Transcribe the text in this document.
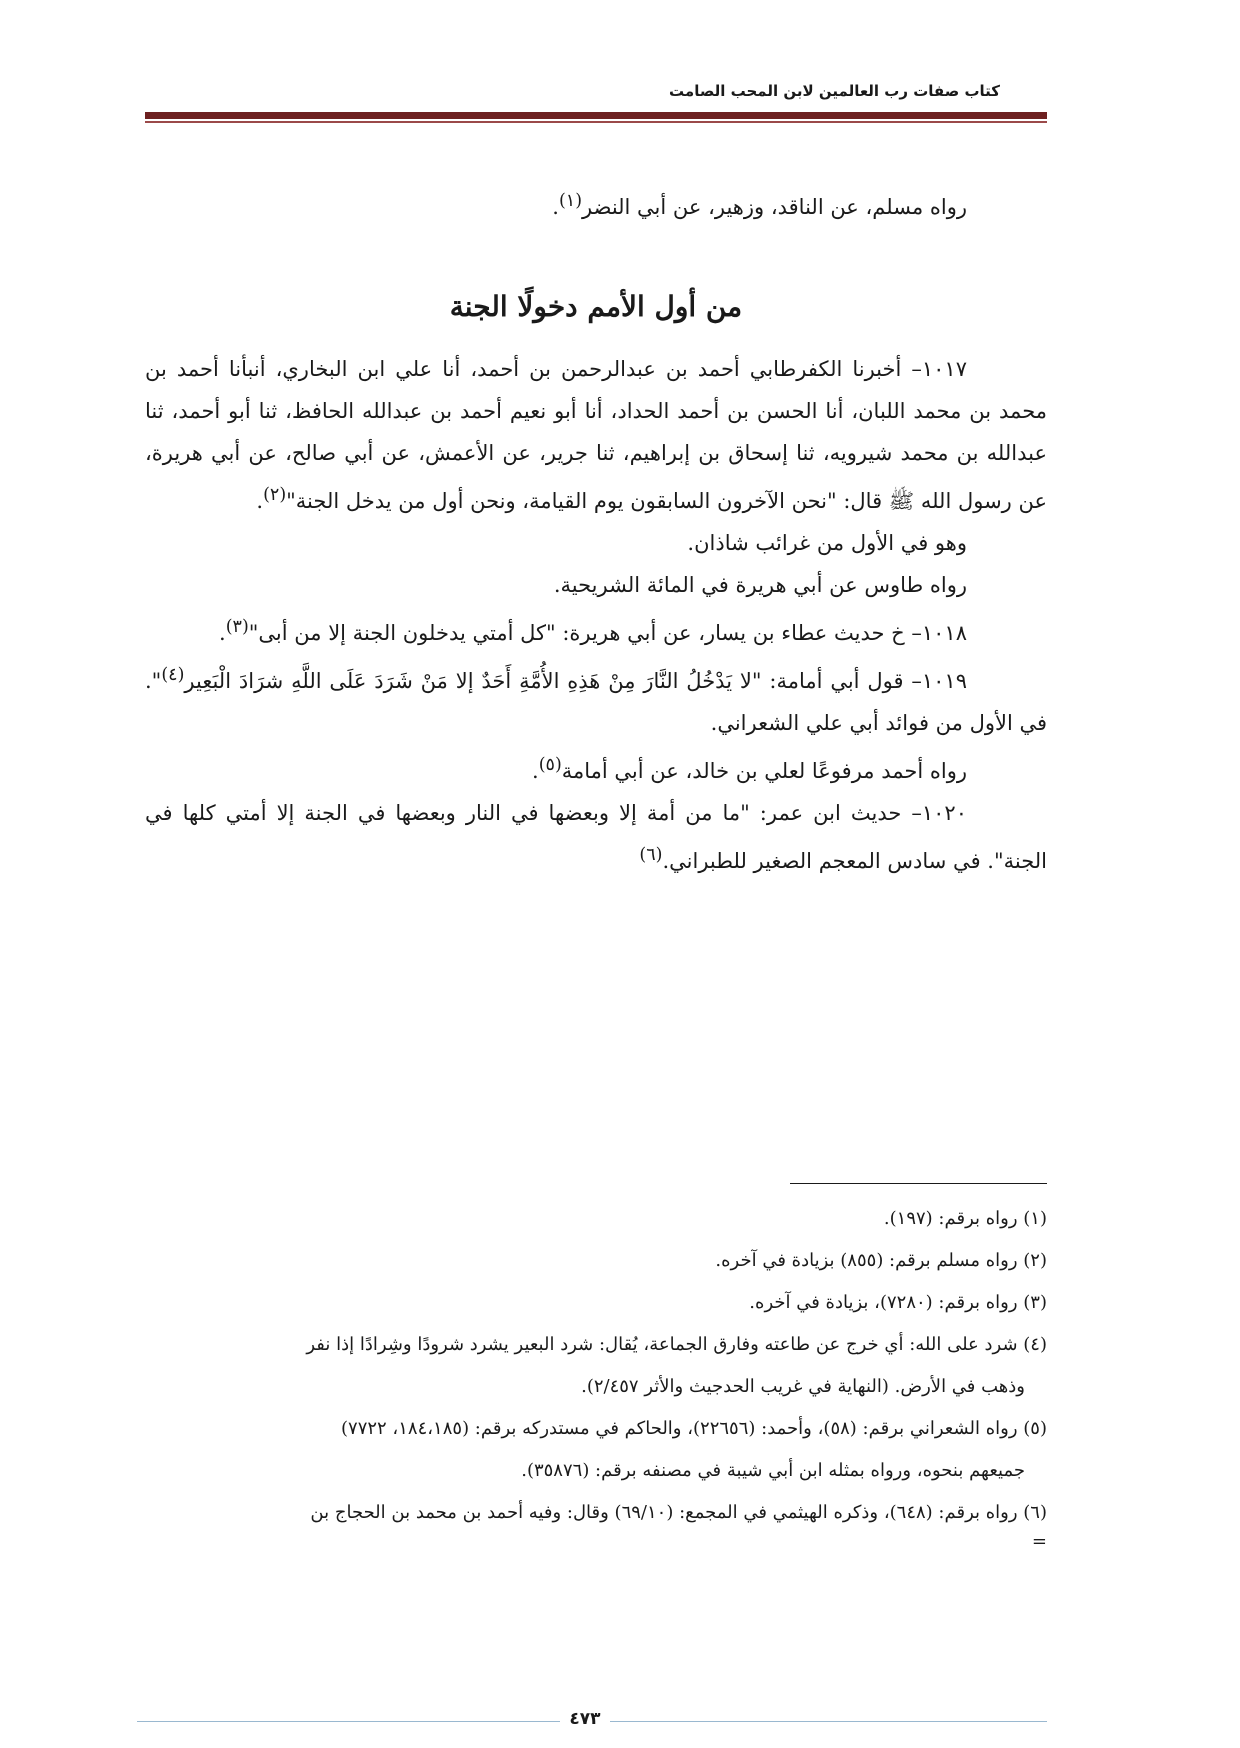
كتاب صفات رب العالمين لابن المحب الصامت

رواه مسلم، عن الناقد، وزهير، عن أبي النضر$^{(١)}$.

من أول الأمم دخولًا الجنة

١٠١٧– أخبرنا الكفرطابي أحمد بن عبدالرحمن بن أحمد، أنا علي ابن البخاري، أنبأنا أحمد بن محمد بن محمد اللبان، أنا الحسن بن أحمد الحداد، أنا أبو نعيم أحمد بن عبدالله الحافظ، ثنا أبو أحمد، ثنا عبدالله بن محمد شيرويه، ثنا إسحاق بن إبراهيم، ثنا جرير، عن الأعمش، عن أبي صالح، عن أبي هريرة، عن رسول الله ﷺ قال: "نحن الآخرون السابقون يوم القيامة، ونحن أول من يدخل الجنة"$^{(٢)}$.

وهو في الأول من غرائب شاذان.

رواه طاوس عن أبي هريرة في المائة الشريحية.

١٠١٨– خ حديث عطاء بن يسار، عن أبي هريرة: "كل أمتي يدخلون الجنة إلا من أبى"$^{(٣)}$.

١٠١٩– قول أبي أمامة: "لا يَدْخُلُ النَّارَ مِنْ هَذِهِ الأُمَّةِ أَحَدٌ إلا مَنْ شَرَدَ عَلَى اللَّهِ شرَادَ الْبَعِير$^{(٤)}$". في الأول من فوائد أبي علي الشعراني.

رواه أحمد مرفوعًا لعلي بن خالد، عن أبي أمامة$^{(٥)}$.

١٠٢٠– حديث ابن عمر: "ما من أمة إلا وبعضها في النار وبعضها في الجنة إلا أمتي كلها في الجنة". في سادس المعجم الصغير للطبراني.$^{(٦)}$

(١) رواه برقم: (١٩٧).

(٢) رواه مسلم برقم: (٨٥٥) بزيادة في آخره.

(٣) رواه برقم: (٧٢٨٠)، بزيادة في آخره.

(٤) شرد على الله: أي خرج عن طاعته وفارق الجماعة، يُقال: شرد البعير يشرد شرودًا وشِرادًا إذا نفر

وذهب في الأرض. (النهاية في غريب الحدجيث والأثر ٢/٤٥٧).

(٥) رواه الشعراني برقم: (٥٨)، وأحمد: (٢٢٦٥٦)، والحاكم في مستدركه برقم: (١٨٤،١٨٥، ٧٧٢٢)

جميعهم بنحوه، ورواه بمثله ابن أبي شيبة في مصنفه برقم: (٣٥٨٧٦).

(٦) رواه برقم: (٦٤٨)، وذكره الهيثمي في المجمع: (٦٩/١٠) وقال: وفيه أحمد بن محمد بن الحجاج بن

=

٤٧٣
